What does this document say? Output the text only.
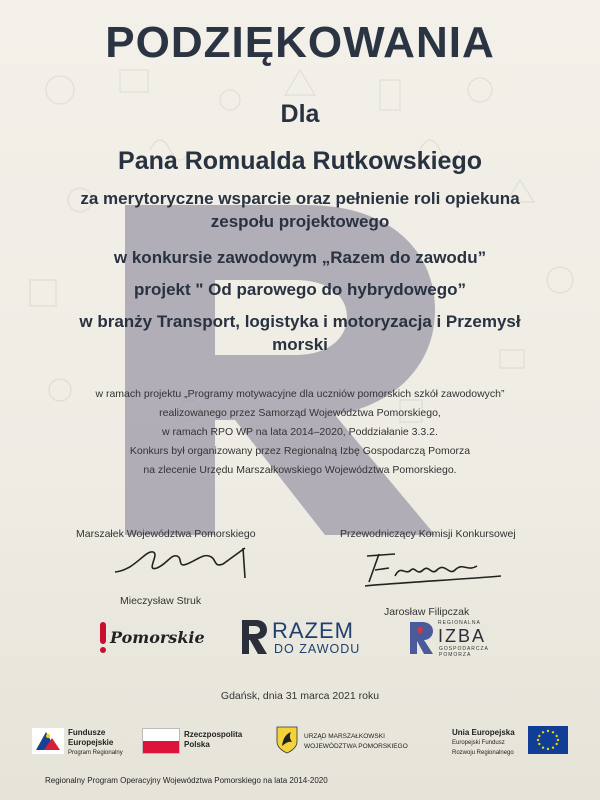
PODZIĘKOWANIA
Dla
Pana Romualda Rutkowskiego
za merytoryczne wsparcie oraz pełnienie roli opiekuna
zespołu projektowego
w konkursie zawodowym „Razem do zawodu”
projekt " Od parowego do hybrydowego”
w branży Transport, logistyka i motoryzacja i Przemysł
morski
w ramach projektu „Programy motywacyjne dla uczniów pomorskich szkół zawodowych”
realizowanego przez Samorząd Województwa Pomorskiego,
w ramach RPO WP na lata 2014–2020, Poddziałanie 3.3.2.
Konkurs był organizowany przez Regionalną Izbę Gospodarczą Pomorza
na zlecenie Urzędu Marszałkowskiego Województwa Pomorskiego.
Marszałek Województwa Pomorskiego
Mieczysław Struk
Przewodniczący Komisji Konkursowej
Jarosław Filipczak
Pomorskie	RAZEM
DO ZAWODU
REGIONALNA
IZBA
GOSPODARCZA
POMORZA
Gdańsk, dnia 31 marca 2021 roku
Fundusze
Europejskie
Program Regionalny
Rzeczpospolita
Polska
URZĄD MARSZAŁKOWSKI
WOJEWÓDZTWA POMORSKIEGO
Unia Europejska
Europejski Fundusz
Rozwoju Regionalnego
Regionalny Program Operacyjny Województwa Pomorskiego na lata 2014-2020
